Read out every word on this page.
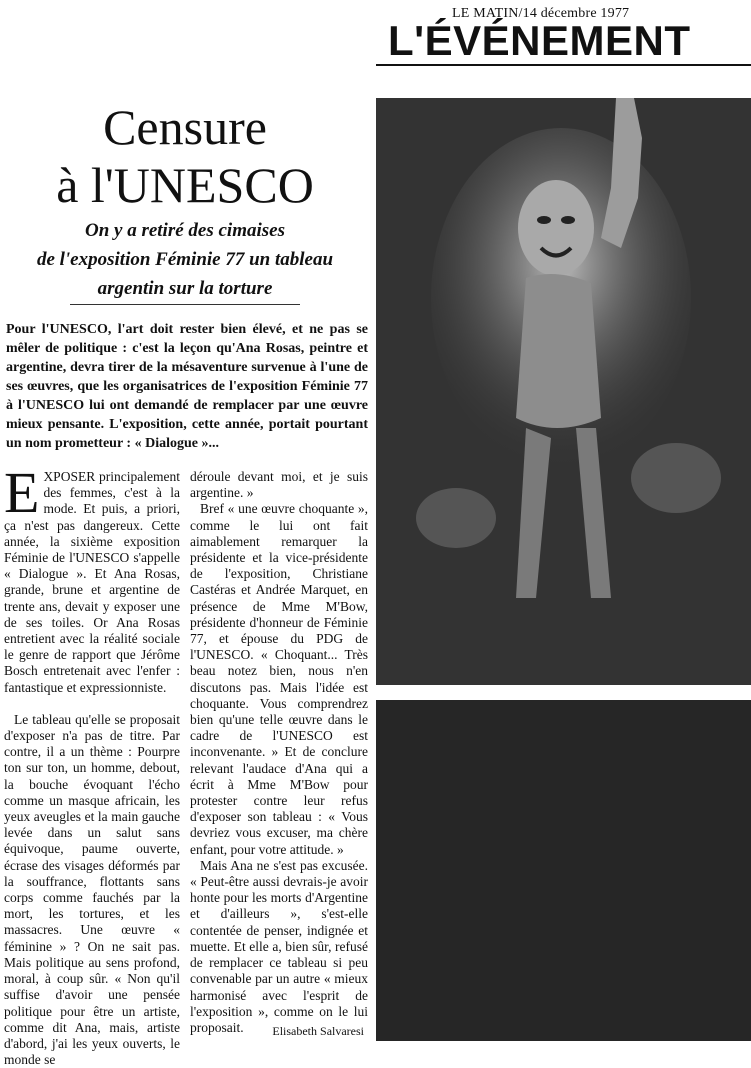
LE MATIN/14 décembre 1977
L'ÉVÉNEMENT
Censure
à l'UNESCO
On y a retiré des cimaises
de l'exposition Féminie 77 un tableau
argentin sur la torture
Pour l'UNESCO, l'art doit rester bien élevé, et ne pas se mêler de politique : c'est la leçon qu'Ana Rosas, peintre et argentine, devra tirer de la mésaventure survenue à l'une de ses œuvres, que les organisatrices de l'exposition Féminie 77 à l'UNESCO lui ont demandé de remplacer par une œuvre mieux pensante. L'exposition, cette année, portait pourtant un nom prometteur : « Dialogue »...

EXPOSER principalement des femmes, c'est à la mode. Et puis, a priori, ça n'est pas dangereux. Cette année, la sixième exposition Féminie de l'UNESCO s'appelle « Dialogue ». Et Ana Rosas, grande, brune et argentine de trente ans, devait y exposer une de ses toiles. Or Ana Rosas entretient avec la réalité sociale le genre de rapport que Jérôme Bosch entretenait avec l'enfer : fantastique et expressionniste.

Le tableau qu'elle se proposait d'exposer n'a pas de titre. Par contre, il a un thème : Pourpre ton sur ton, un homme, debout, la bouche évoquant l'écho comme un masque africain, les yeux aveugles et la main gauche levée dans un salut sans équivoque, paume ouverte, écrase des visages déformés par la souffrance, flottants sans corps comme fauchés par la mort, les tortures, et les massacres. Une œuvre « féminine » ? On ne sait pas. Mais politique au sens profond, moral, à coup sûr. « Non qu'il suffise d'avoir une pensée politique pour être un artiste, comme dit Ana, mais, artiste d'abord, j'ai les yeux ouverts, le monde se

déroule devant moi, et je suis argentine. »

Bref « une œuvre choquante », comme le lui ont fait aimablement remarquer la présidente et la vice-présidente de l'exposition, Christiane Castéras et Andrée Marquet, en présence de Mme M'Bow, présidente d'honneur de Féminie 77, et épouse du PDG de l'UNESCO. « Choquant... Très beau notez bien, nous n'en discutons pas. Mais l'idée est choquante. Vous comprendrez bien qu'une telle œuvre dans le cadre de l'UNESCO est inconvenante. » Et de conclure relevant l'audace d'Ana qui a écrit à Mme M'Bow pour protester contre leur refus d'exposer son tableau : « Vous devriez vous excuser, ma chère enfant, pour votre attitude. »

Mais Ana ne s'est pas excusée. « Peut-être aussi devrais-je avoir honte pour les morts d'Argentine et d'ailleurs », s'est-elle contentée de penser, indignée et muette. Et elle a, bien sûr, refusé de remplacer ce tableau si peu convenable par un autre « mieux harmonisé avec l'esprit de l'exposition », comme on le lui proposait.	Elisabeth Salvaresi
